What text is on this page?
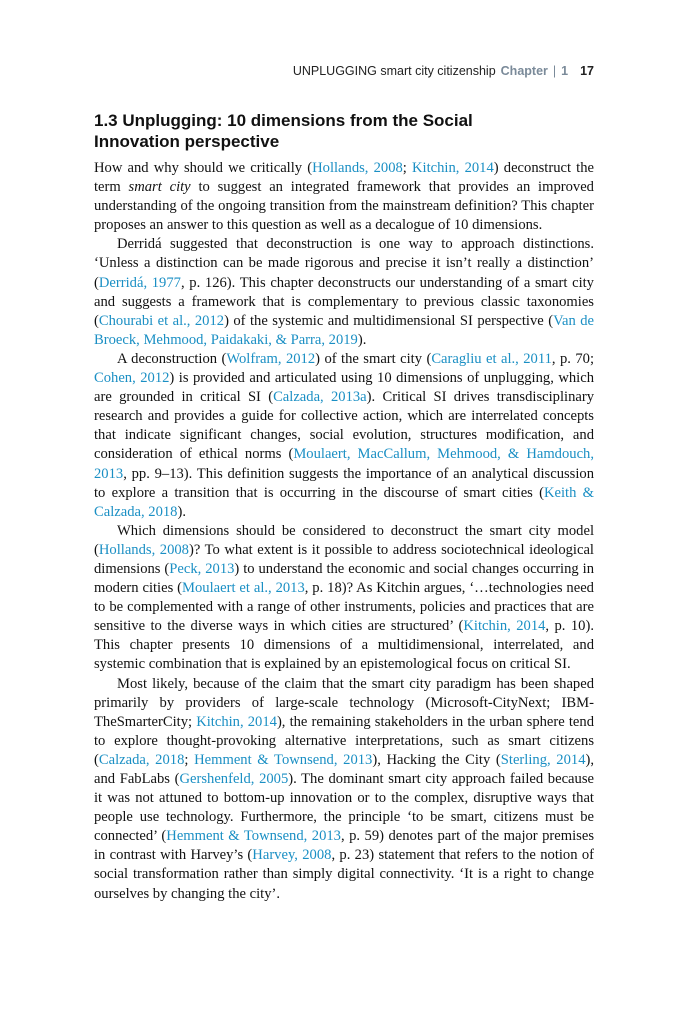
UNPLUGGING smart city citizenship Chapter | 1 17
1.3 Unplugging: 10 dimensions from the Social Innovation perspective

How and why should we critically (Hollands, 2008; Kitchin, 2014) deconstruct the term smart city to suggest an integrated framework that provides an improved understanding of the ongoing transition from the mainstream definition? This chapter proposes an answer to this question as well as a decalogue of 10 dimensions.

Derridá suggested that deconstruction is one way to approach distinctions. ‘Unless a distinction can be made rigorous and precise it isn’t really a distinction’ (Derridá, 1977, p. 126). This chapter deconstructs our understanding of a smart city and suggests a framework that is complementary to previous classic taxonomies (Chourabi et al., 2012) of the systemic and multidimensional SI perspective (Van de Broeck, Mehmood, Paidakaki, & Parra, 2019).

A deconstruction (Wolfram, 2012) of the smart city (Caragliu et al., 2011, p. 70; Cohen, 2012) is provided and articulated using 10 dimensions of unplugging, which are grounded in critical SI (Calzada, 2013a). Critical SI drives transdisciplinary research and provides a guide for collective action, which are interrelated concepts that indicate significant changes, social evolution, structures modification, and consideration of ethical norms (Moulaert, MacCallum, Mehmood, & Hamdouch, 2013, pp. 9–13). This definition suggests the importance of an analytical discussion to explore a transition that is occurring in the discourse of smart cities (Keith & Calzada, 2018).

Which dimensions should be considered to deconstruct the smart city model (Hollands, 2008)? To what extent is it possible to address sociotechnical ideological dimensions (Peck, 2013) to understand the economic and social changes occurring in modern cities (Moulaert et al., 2013, p. 18)? As Kitchin argues, ‘…technologies need to be complemented with a range of other instruments, policies and practices that are sensitive to the diverse ways in which cities are structured’ (Kitchin, 2014, p. 10). This chapter presents 10 dimensions of a multidimensional, interrelated, and systemic combination that is explained by an epistemological focus on critical SI.

Most likely, because of the claim that the smart city paradigm has been shaped primarily by providers of large-scale technology (Microsoft-CityNext; IBM-TheSmarterCity; Kitchin, 2014), the remaining stakeholders in the urban sphere tend to explore thought-provoking alternative interpretations, such as smart citizens (Calzada, 2018; Hemment & Townsend, 2013), Hacking the City (Sterling, 2014), and FabLabs (Gershenfeld, 2005). The dominant smart city approach failed because it was not attuned to bottom-up innovation or to the complex, disruptive ways that people use technology. Furthermore, the principle ‘to be smart, citizens must be connected’ (Hemment & Townsend, 2013, p. 59) denotes part of the major premises in contrast with Harvey’s (Harvey, 2008, p. 23) statement that refers to the notion of social transformation rather than simply digital connectivity. ‘It is a right to change ourselves by changing the city’.
